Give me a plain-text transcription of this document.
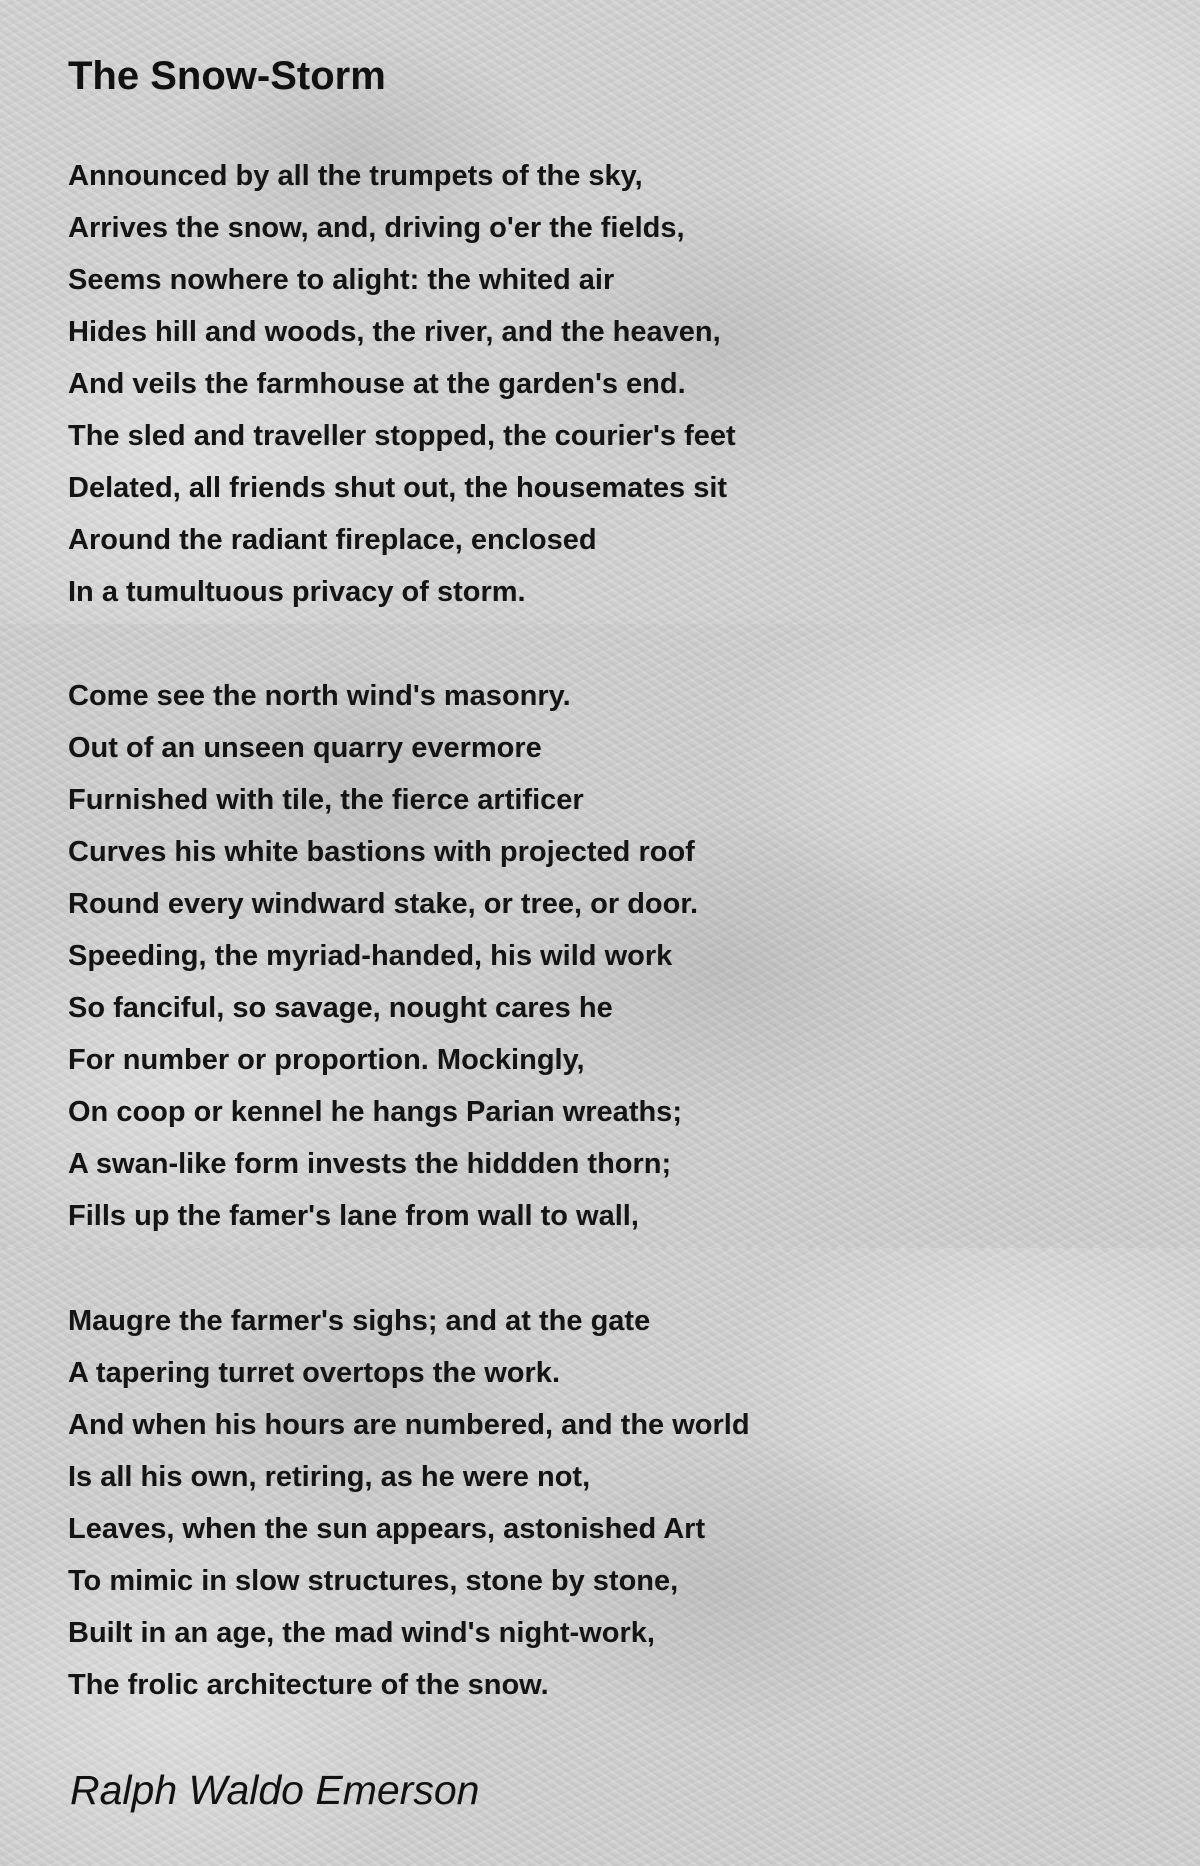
The Snow-Storm
Announced by all the trumpets of the sky,
Arrives the snow, and, driving o'er the fields,
Seems nowhere to alight: the whited air
Hides hill and woods, the river, and the heaven,
And veils the farmhouse at the garden's end.
The sled and traveller stopped, the courier's feet
Delated, all friends shut out, the housemates sit
Around the radiant fireplace, enclosed
In a tumultuous privacy of storm.
Come see the north wind's masonry.
Out of an unseen quarry evermore
Furnished with tile, the fierce artificer
Curves his white bastions with projected roof
Round every windward stake, or tree, or door.
Speeding, the myriad-handed, his wild work
So fanciful, so savage, nought cares he
For number or proportion. Mockingly,
On coop or kennel he hangs Parian wreaths;
A swan-like form invests the hiddden thorn;
Fills up the famer's lane from wall to wall,
Maugre the farmer's sighs; and at the gate
A tapering turret overtops the work.
And when his hours are numbered, and the world
Is all his own, retiring, as he were not,
Leaves, when the sun appears, astonished Art
To mimic in slow structures, stone by stone,
Built in an age, the mad wind's night-work,
The frolic architecture of the snow.

Ralph Waldo Emerson
